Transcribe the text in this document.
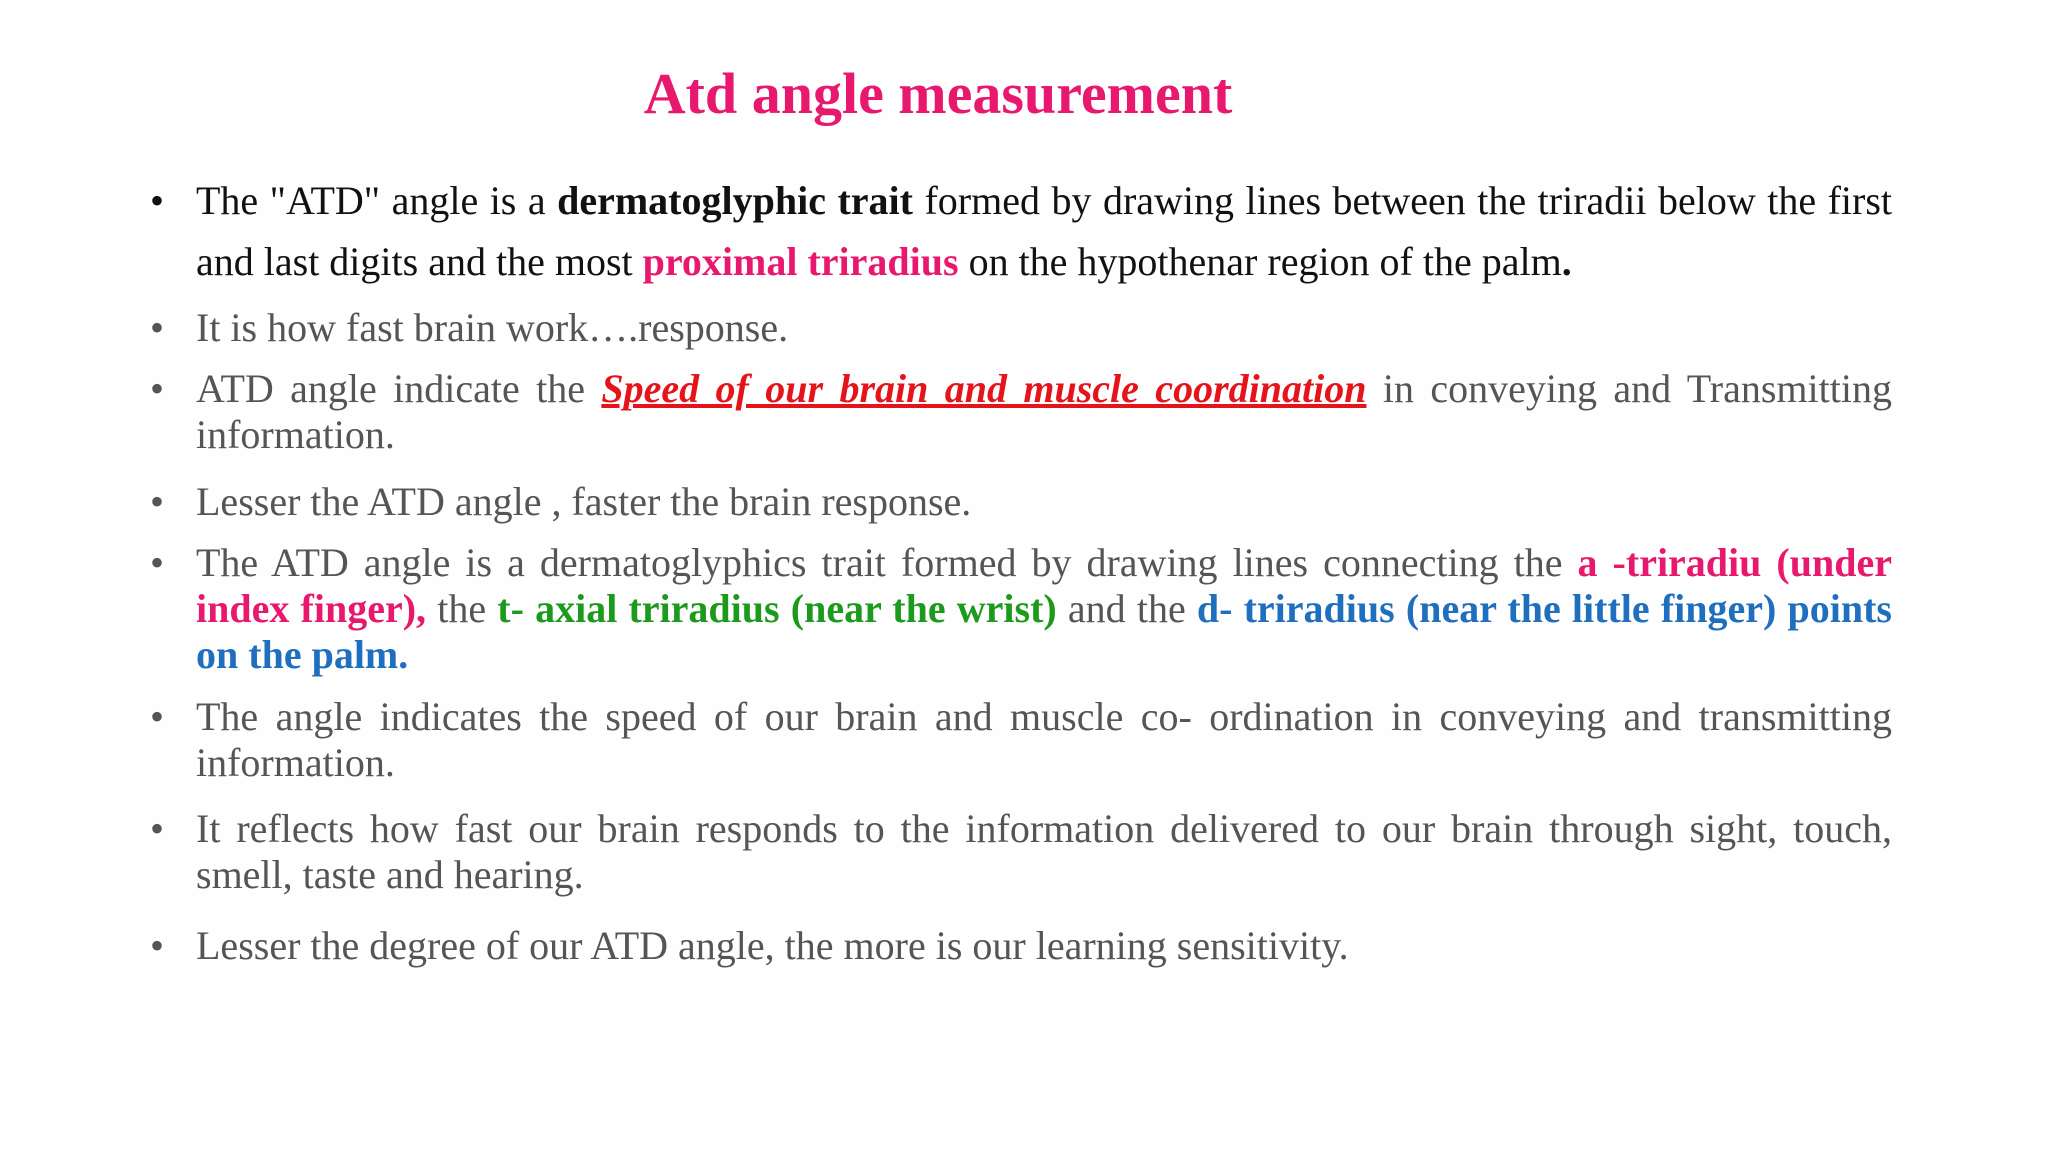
Atd angle measurement
• The "ATD" angle is a dermatoglyphic trait formed by drawing lines between the triradii below the first and last digits and the most proximal triradius on the hypothenar region of the palm.
• It is how fast brain work….response.
• ATD angle indicate the Speed of our brain and muscle coordination in conveying and Transmitting information.
• Lesser the ATD angle , faster the brain response.
• The ATD angle is a dermatoglyphics trait formed by drawing lines connecting the a -triradiu (under index finger), the t- axial triradius (near the wrist) and the d- triradius (near the little finger) points on the palm.
• The angle indicates the speed of our brain and muscle co- ordination in conveying and transmitting information.
• It reflects how fast our brain responds to the information delivered to our brain through sight, touch, smell, taste and hearing.
• Lesser the degree of our ATD angle, the more is our learning sensitivity.
